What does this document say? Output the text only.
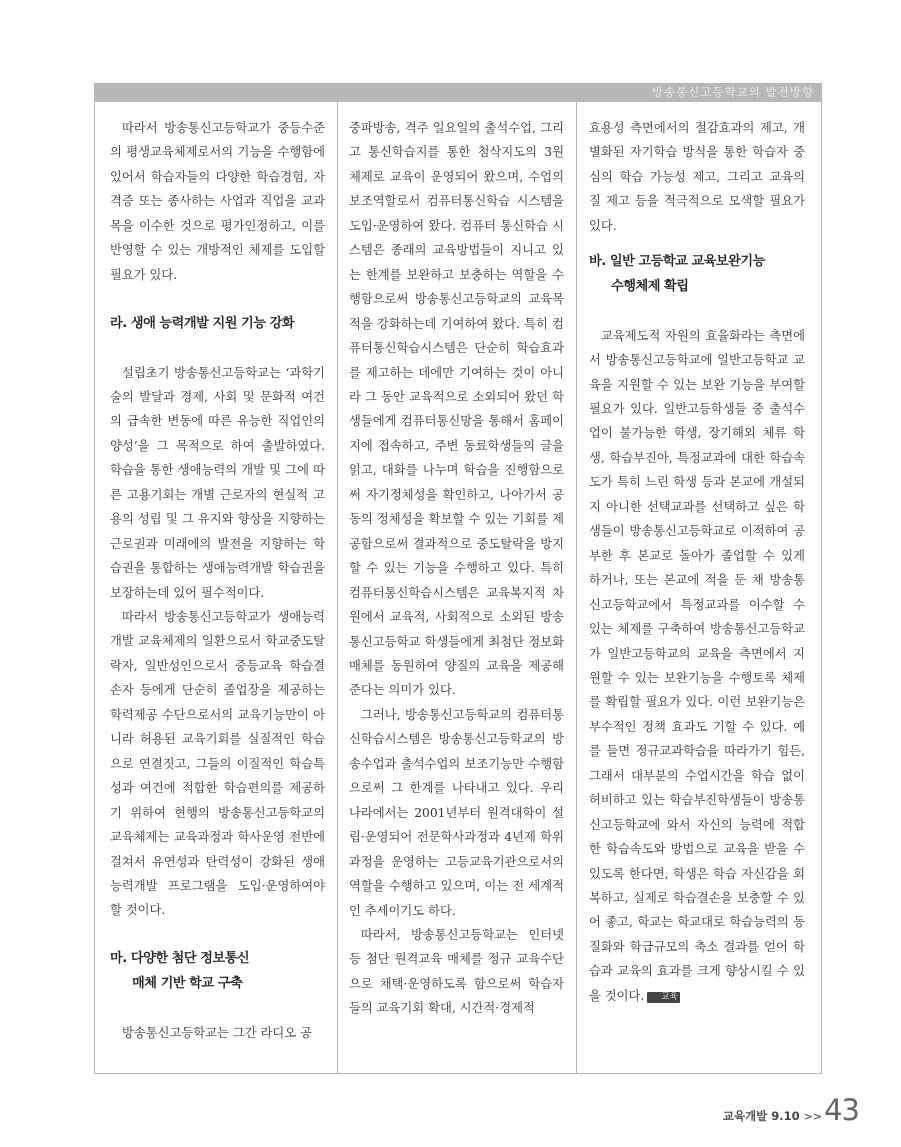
방송통신고등학교의 발전방향

따라서 방송통신고등학교가 중등수준의 평생교육체제로서의 기능을 수행함에 있어서 학습자들의 다양한 학습경험, 자격증 또는 종사하는 사업과 직업을 교과목을 이수한 것으로 평가인정하고, 이를 반영할 수 있는 개방적인 체제를 도입할 필요가 있다.

라. 생애 능력개발 지원 기능 강화

설립초기 방송통신고등학교는 ‘과학기술의 발달과 경제, 사회 및 문화적 여건의 급속한 변동에 따른 유능한 직업인의 양성’을 그 목적으로 하여 출발하였다. 학습을 통한 생애능력의 개발 및 그에 따른 고용기회는 개별 근로자의 현실적 고용의 성립 및 그 유지와 향상을 지향하는 근로권과 미래에의 발전을 지향하는 학습권을 통합하는 생애능력개발 학습권을 보장하는데 있어 필수적이다.

따라서 방송통신고등학교가 생애능력개발 교육체제의 일환으로서 학교중도탈락자, 일반성인으로서 중등교육 학습결손자 등에게 단순히 졸업장을 제공하는 학력제공 수단으로서의 교육기능만이 아니라 허용된 교육기회를 실질적인 학습으로 연결짓고, 그들의 이질적인 학습특성과 여건에 적합한 학습편의를 제공하기 위하여 현행의 방송통신고등학교의 교육체제는 교육과정과 학사운영 전반에 걸쳐서 유연성과 탄력성이 강화된 생애능력개발 프로그램을 도입·운영하여야 할 것이다.

마. 다양한 첨단 정보통신
매체 기반 학교 구축

방송통신고등학교는 그간 라디오 공

중파방송, 격주 일요일의 출석수업, 그리고 통신학습지를 통한 첨삭지도의 3원 체제로 교육이 운영되어 왔으며, 수업의 보조역할로서 컴퓨터통신학습 시스템을 도입·운영하여 왔다. 컴퓨터 통신학습 시스템은 종래의 교육방법들이 지니고 있는 한계를 보완하고 보충하는 역할을 수행함으로써 방송통신고등학교의 교육목적을 강화하는데 기여하여 왔다. 특히 컴퓨터통신학습시스템은 단순히 학습효과를 제고하는 데에만 기여하는 것이 아니라 그 동안 교육적으로 소외되어 왔던 학생들에게 컴퓨터통신망을 통해서 홈페이지에 접속하고, 주변 동료학생들의 글을 읽고, 대화를 나누며 학습을 진행함으로써 자기정체성을 확인하고, 나아가서 공동의 정체성을 확보할 수 있는 기회를 제공함으로써 결과적으로 중도탈락을 방지할 수 있는 기능을 수행하고 있다. 특히 컴퓨터통신학습시스템은 교육복지적 차원에서 교육적, 사회적으로 소외된 방송통신고등학교 학생들에게 최첨단 정보화 매체를 동원하여 양질의 교육을 제공해 준다는 의미가 있다.

그러나, 방송통신고등학교의 컴퓨터통신학습시스템은 방송통신고등학교의 방송수업과 출석수업의 보조기능만 수행함으로써 그 한계를 나타내고 있다. 우리 나라에서는 2001년부터 원격대학이 설립·운영되어 전문학사과정과 4년제 학위과정을 운영하는 고등교육기관으로서의 역할을 수행하고 있으며, 이는 전 세계적인 추세이기도 하다.

따라서, 방송통신고등학교는 인터넷 등 첨단 원격교육 매체를 정규 교육수단으로 채택·운영하도록 함으로써 학습자들의 교육기회 확대, 시간적·경제적

효용성 측면에서의 절감효과의 제고, 개별화된 자기학습 방식을 통한 학습자 중심의 학습 가능성 제고, 그리고 교육의 질 제고 등을 적극적으로 모색할 필요가 있다.

바. 일반 고등학교 교육보완기능
수행체제 확립

교육제도적 자원의 효율화라는 측면에서 방송통신고등학교에 일반고등학교 교육을 지원할 수 있는 보완 기능을 부여할 필요가 있다. 일반고등학생들 중 출석수업이 불가능한 학생, 장기해외 체류 학생, 학습부진아, 특정교과에 대한 학습속도가 특히 느린 학생 등과 본교에 개설되지 아니한 선택교과를 선택하고 싶은 학생들이 방송통신고등학교로 이적하여 공부한 후 본교로 돌아가 졸업할 수 있게 하거나, 또는 본교에 적을 둔 채 방송통신고등학교에서 특정교과를 이수할 수 있는 체제를 구축하여 방송통신고등학교가 일반고등학교의 교육을 측면에서 지원할 수 있는 보완기능을 수행토록 체제를 확립할 필요가 있다. 이런 보완기능은 부수적인 정책 효과도 기할 수 있다. 예를 들면 정규교과학습을 따라가기 힘든, 그래서 대부분의 수업시간을 학습 없이 허비하고 있는 학습부진학생들이 방송통신고등학교에 와서 자신의 능력에 적합한 학습속도와 방법으로 교육을 받을 수 있도록 한다면, 학생은 학습 자신감을 회복하고, 실제로 학습결손을 보충할 수 있어 좋고, 학교는 학교대로 학습능력의 동질화와 학급규모의 축소 결과를 얻어 학습과 교육의 효과를 크게 향상시킬 수 있을 것이다. 교육

교육개발 9.10 >> 43
